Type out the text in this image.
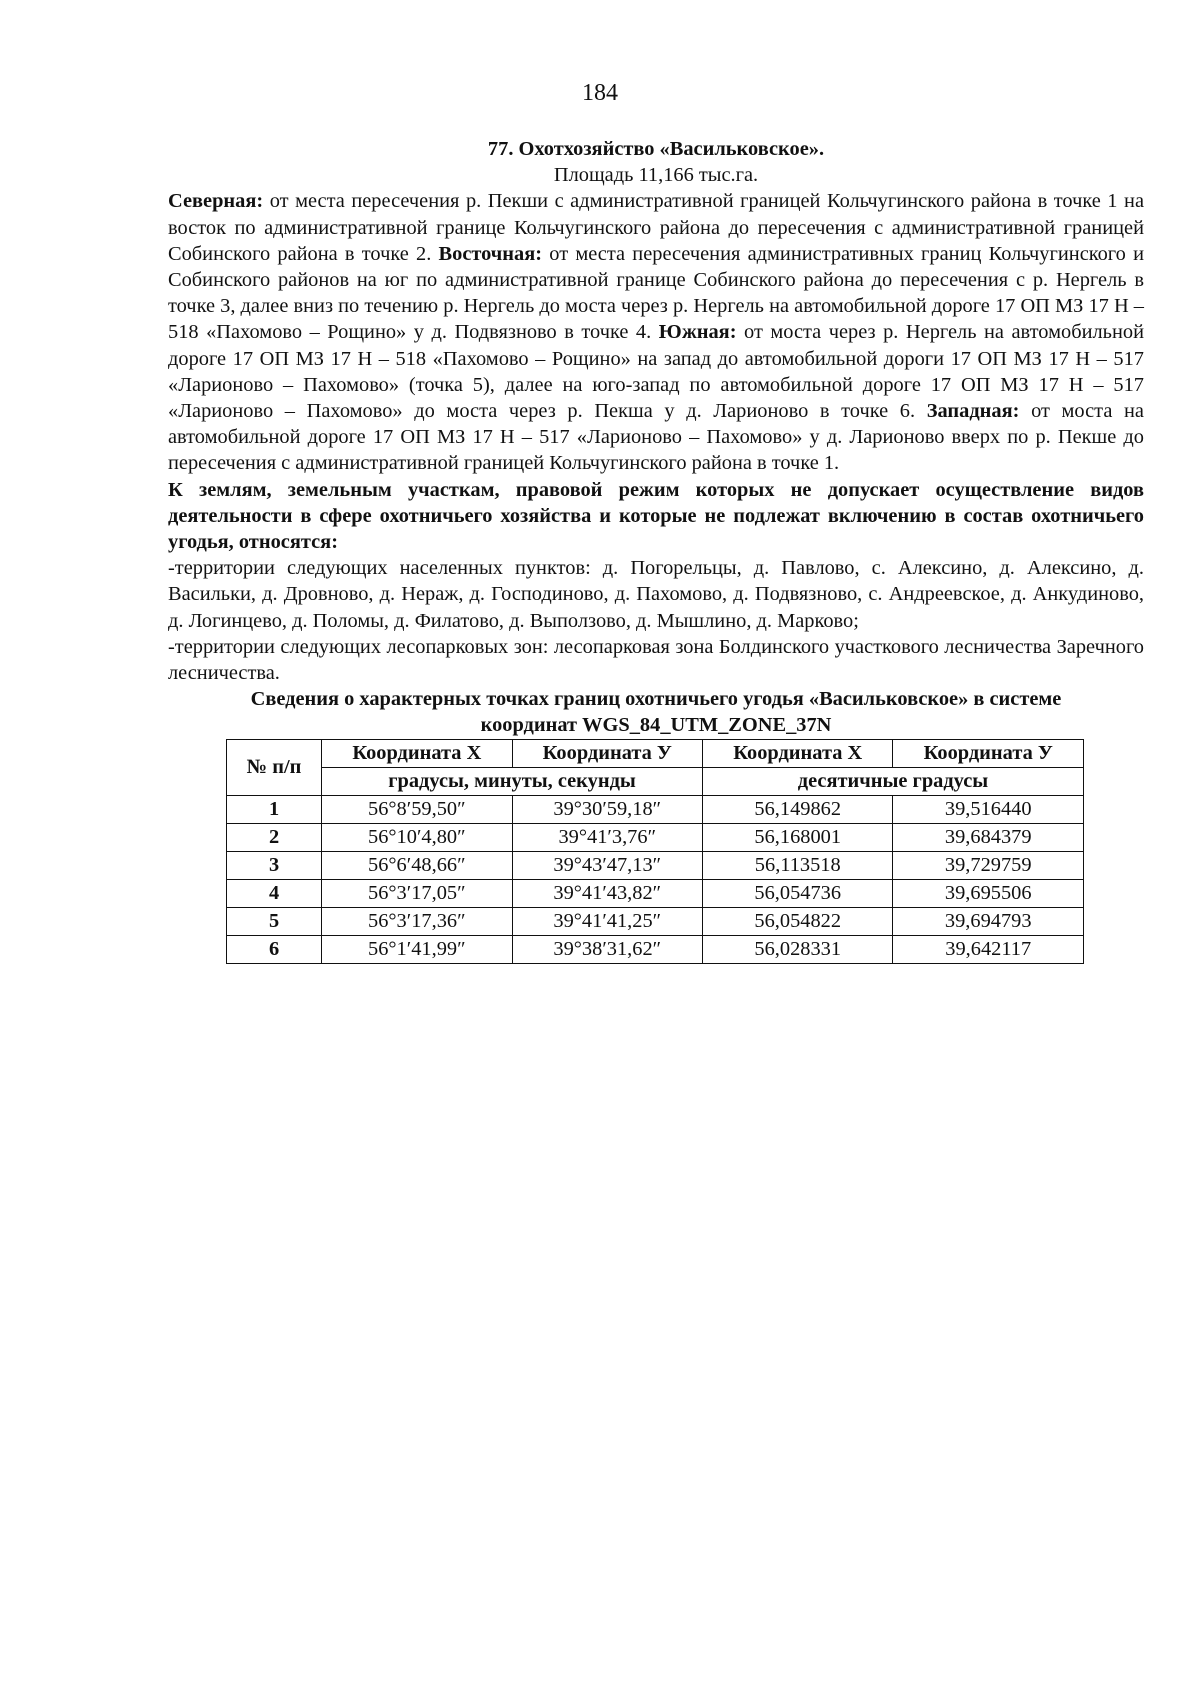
184

77. Охотхозяйство «Васильковское».

Площадь 11,166 тыс.га.

Северная: от места пересечения р. Пекши с административной границей Кольчугинского района в точке 1 на восток по административной границе Кольчугинского района до пересечения с административной границей Собинского района в точке 2. Восточная: от места пересечения административных границ Кольчугинского и Собинского районов на юг по административной границе Собинского района до пересечения с р. Нергель в точке 3, далее вниз по течению р. Нергель до моста через р. Нергель на автомобильной дороге 17 ОП МЗ 17 Н – 518 «Пахомово – Рощино» у д. Подвязново в точке 4. Южная: от моста через р. Нергель на автомобильной дороге 17 ОП МЗ 17 Н – 518 «Пахомово – Рощино» на запад до автомобильной дороги 17 ОП МЗ 17 Н – 517 «Ларионово – Пахомово» (точка 5), далее на юго-запад по автомобильной дороге 17 ОП МЗ 17 Н – 517 «Ларионово – Пахомово» до моста через р. Пекша у д. Ларионово в точке 6. Западная: от моста на автомобильной дороге 17 ОП МЗ 17 Н – 517 «Ларионово – Пахомово» у д. Ларионово вверх по р. Пекше до пересечения с административной границей Кольчугинского района в точке 1.

К землям, земельным участкам, правовой режим которых не допускает осуществление видов деятельности в сфере охотничьего хозяйства и которые не подлежат включению в состав охотничьего угодья, относятся:

-территории следующих населенных пунктов: д. Погорельцы, д. Павлово, с. Алексино, д. Алексино, д. Васильки, д. Дровново, д. Нераж, д. Господиново, д. Пахомово, д. Подвязново, с. Андреевское, д. Анкудиново, д. Логинцево, д. Поломы, д. Филатово, д. Выползово, д. Мышлино, д. Марково;

-территории следующих лесопарковых зон: лесопарковая зона Болдинского участкового лесничества Заречного лесничества.

Сведения о характерных точках границ охотничьего угодья «Васильковское» в системе
координат WGS_84_UTM_ZONE_37N

№ п/п	Координата X	Координата У	Координата X	Координата У
	градусы, минуты, секунды		десятичные градусы	
1	56°8′59,50″	39°30′59,18″	56,149862	39,516440
2	56°10′4,80″	39°41′3,76″	56,168001	39,684379
3	56°6′48,66″	39°43′47,13″	56,113518	39,729759
4	56°3′17,05″	39°41′43,82″	56,054736	39,695506
5	56°3′17,36″	39°41′41,25″	56,054822	39,694793
6	56°1′41,99″	39°38′31,62″	56,028331	39,642117
